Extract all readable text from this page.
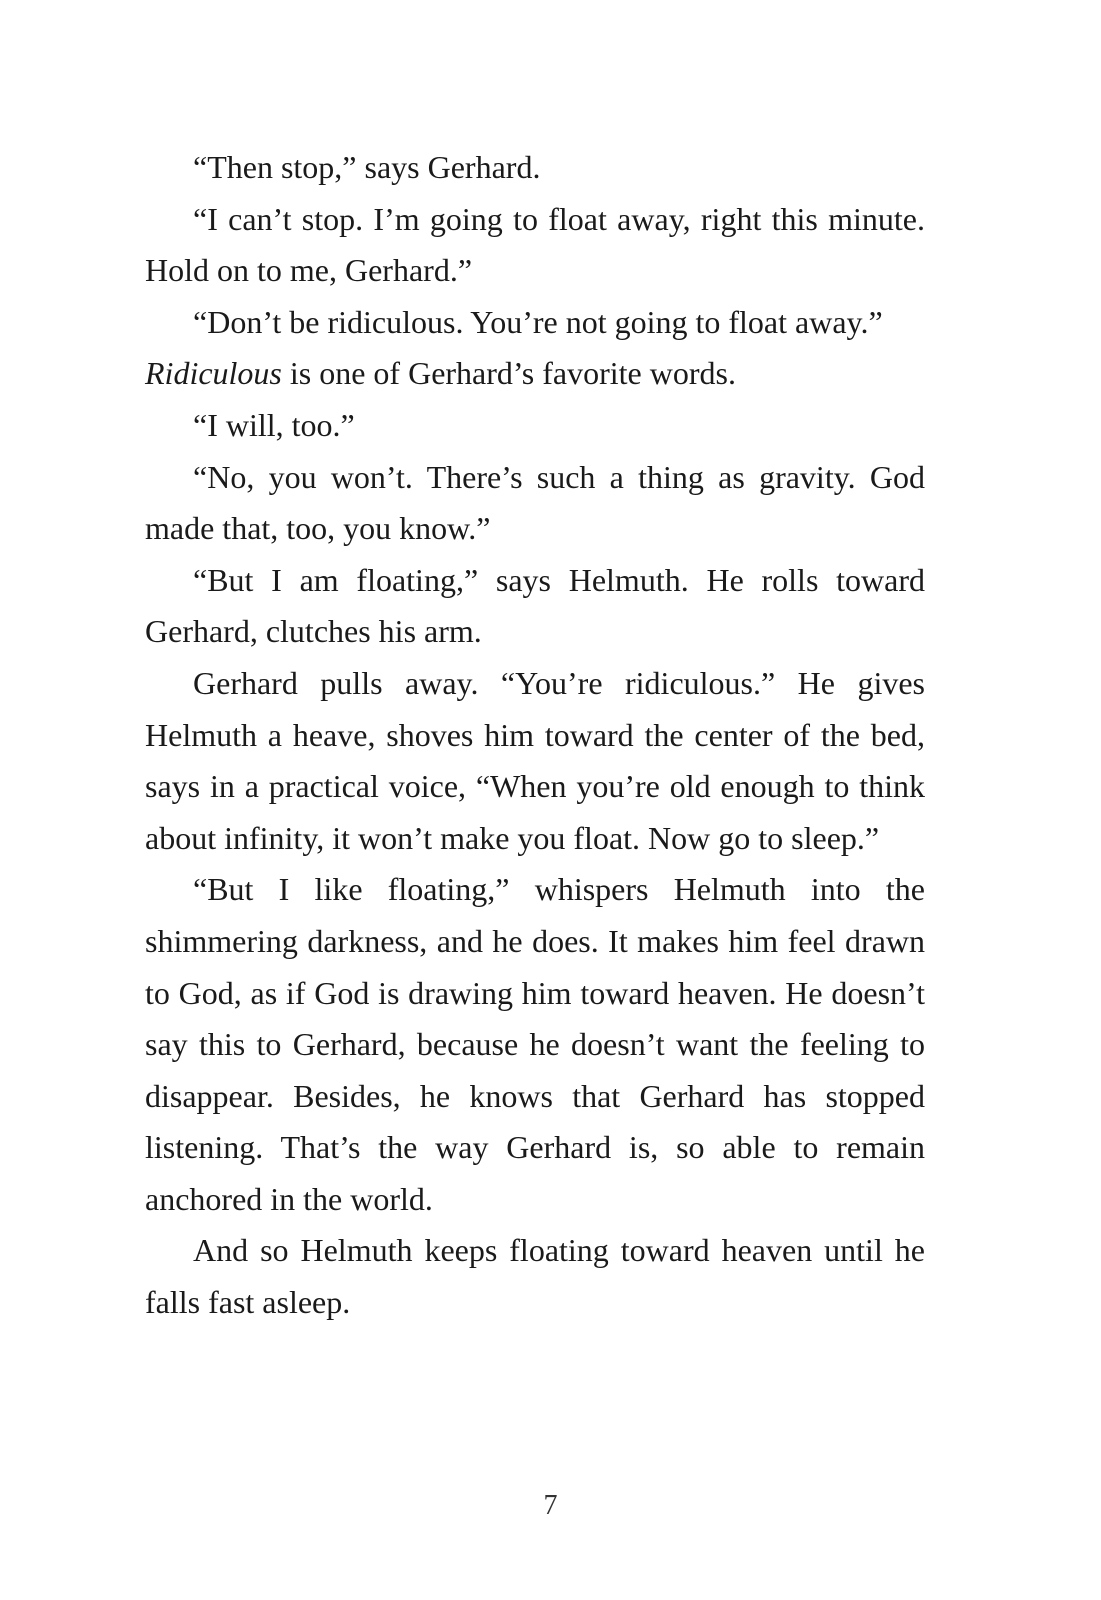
“Then stop,” says Gerhard.

“I can’t stop. I’m going to float away, right this minute. Hold on to me, Gerhard.”

“Don’t be ridiculous. You’re not going to float away.”

Ridiculous is one of Gerhard’s favorite words.

“I will, too.”

“No, you won’t. There’s such a thing as gravity. God made that, too, you know.”

“But I am floating,” says Helmuth. He rolls toward Gerhard, clutches his arm.

Gerhard pulls away. “You’re ridiculous.” He gives Helmuth a heave, shoves him toward the center of the bed, says in a practical voice, “When you’re old enough to think about infinity, it won’t make you float. Now go to sleep.”

“But I like floating,” whispers Helmuth into the shimmering darkness, and he does. It makes him feel drawn to God, as if God is drawing him toward heaven. He doesn’t say this to Gerhard, because he doesn’t want the feeling to disappear. Besides, he knows that Gerhard has stopped listening. That’s the way Gerhard is, so able to remain anchored in the world.

And so Helmuth keeps floating toward heaven until he falls fast asleep.

7
